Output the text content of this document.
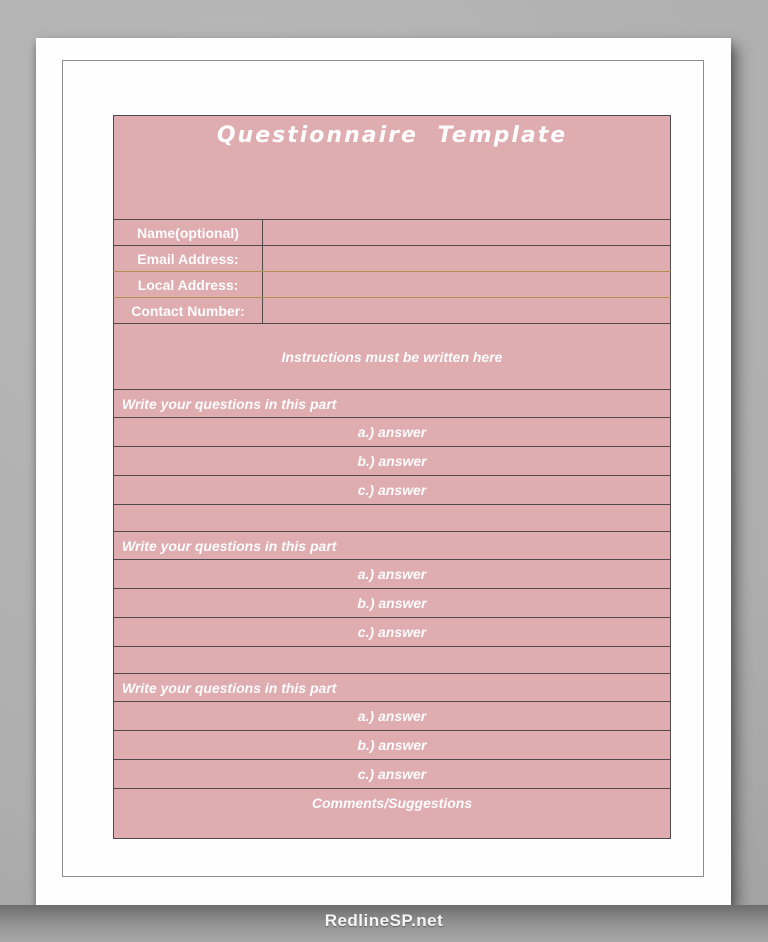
Questionnaire Template	
Name(optional)	
Email Address:	
Local Address:	
Contact Number:	
Instructions must be written here	
Write your questions in this part	
a.) answer	
b.) answer	
c.) answer	

Write your questions in this part	
a.) answer	
b.) answer	
c.) answer	

Write your questions in this part	
a.) answer	
b.) answer	
c.) answer	
Comments/Suggestions	
RedlineSP.net
